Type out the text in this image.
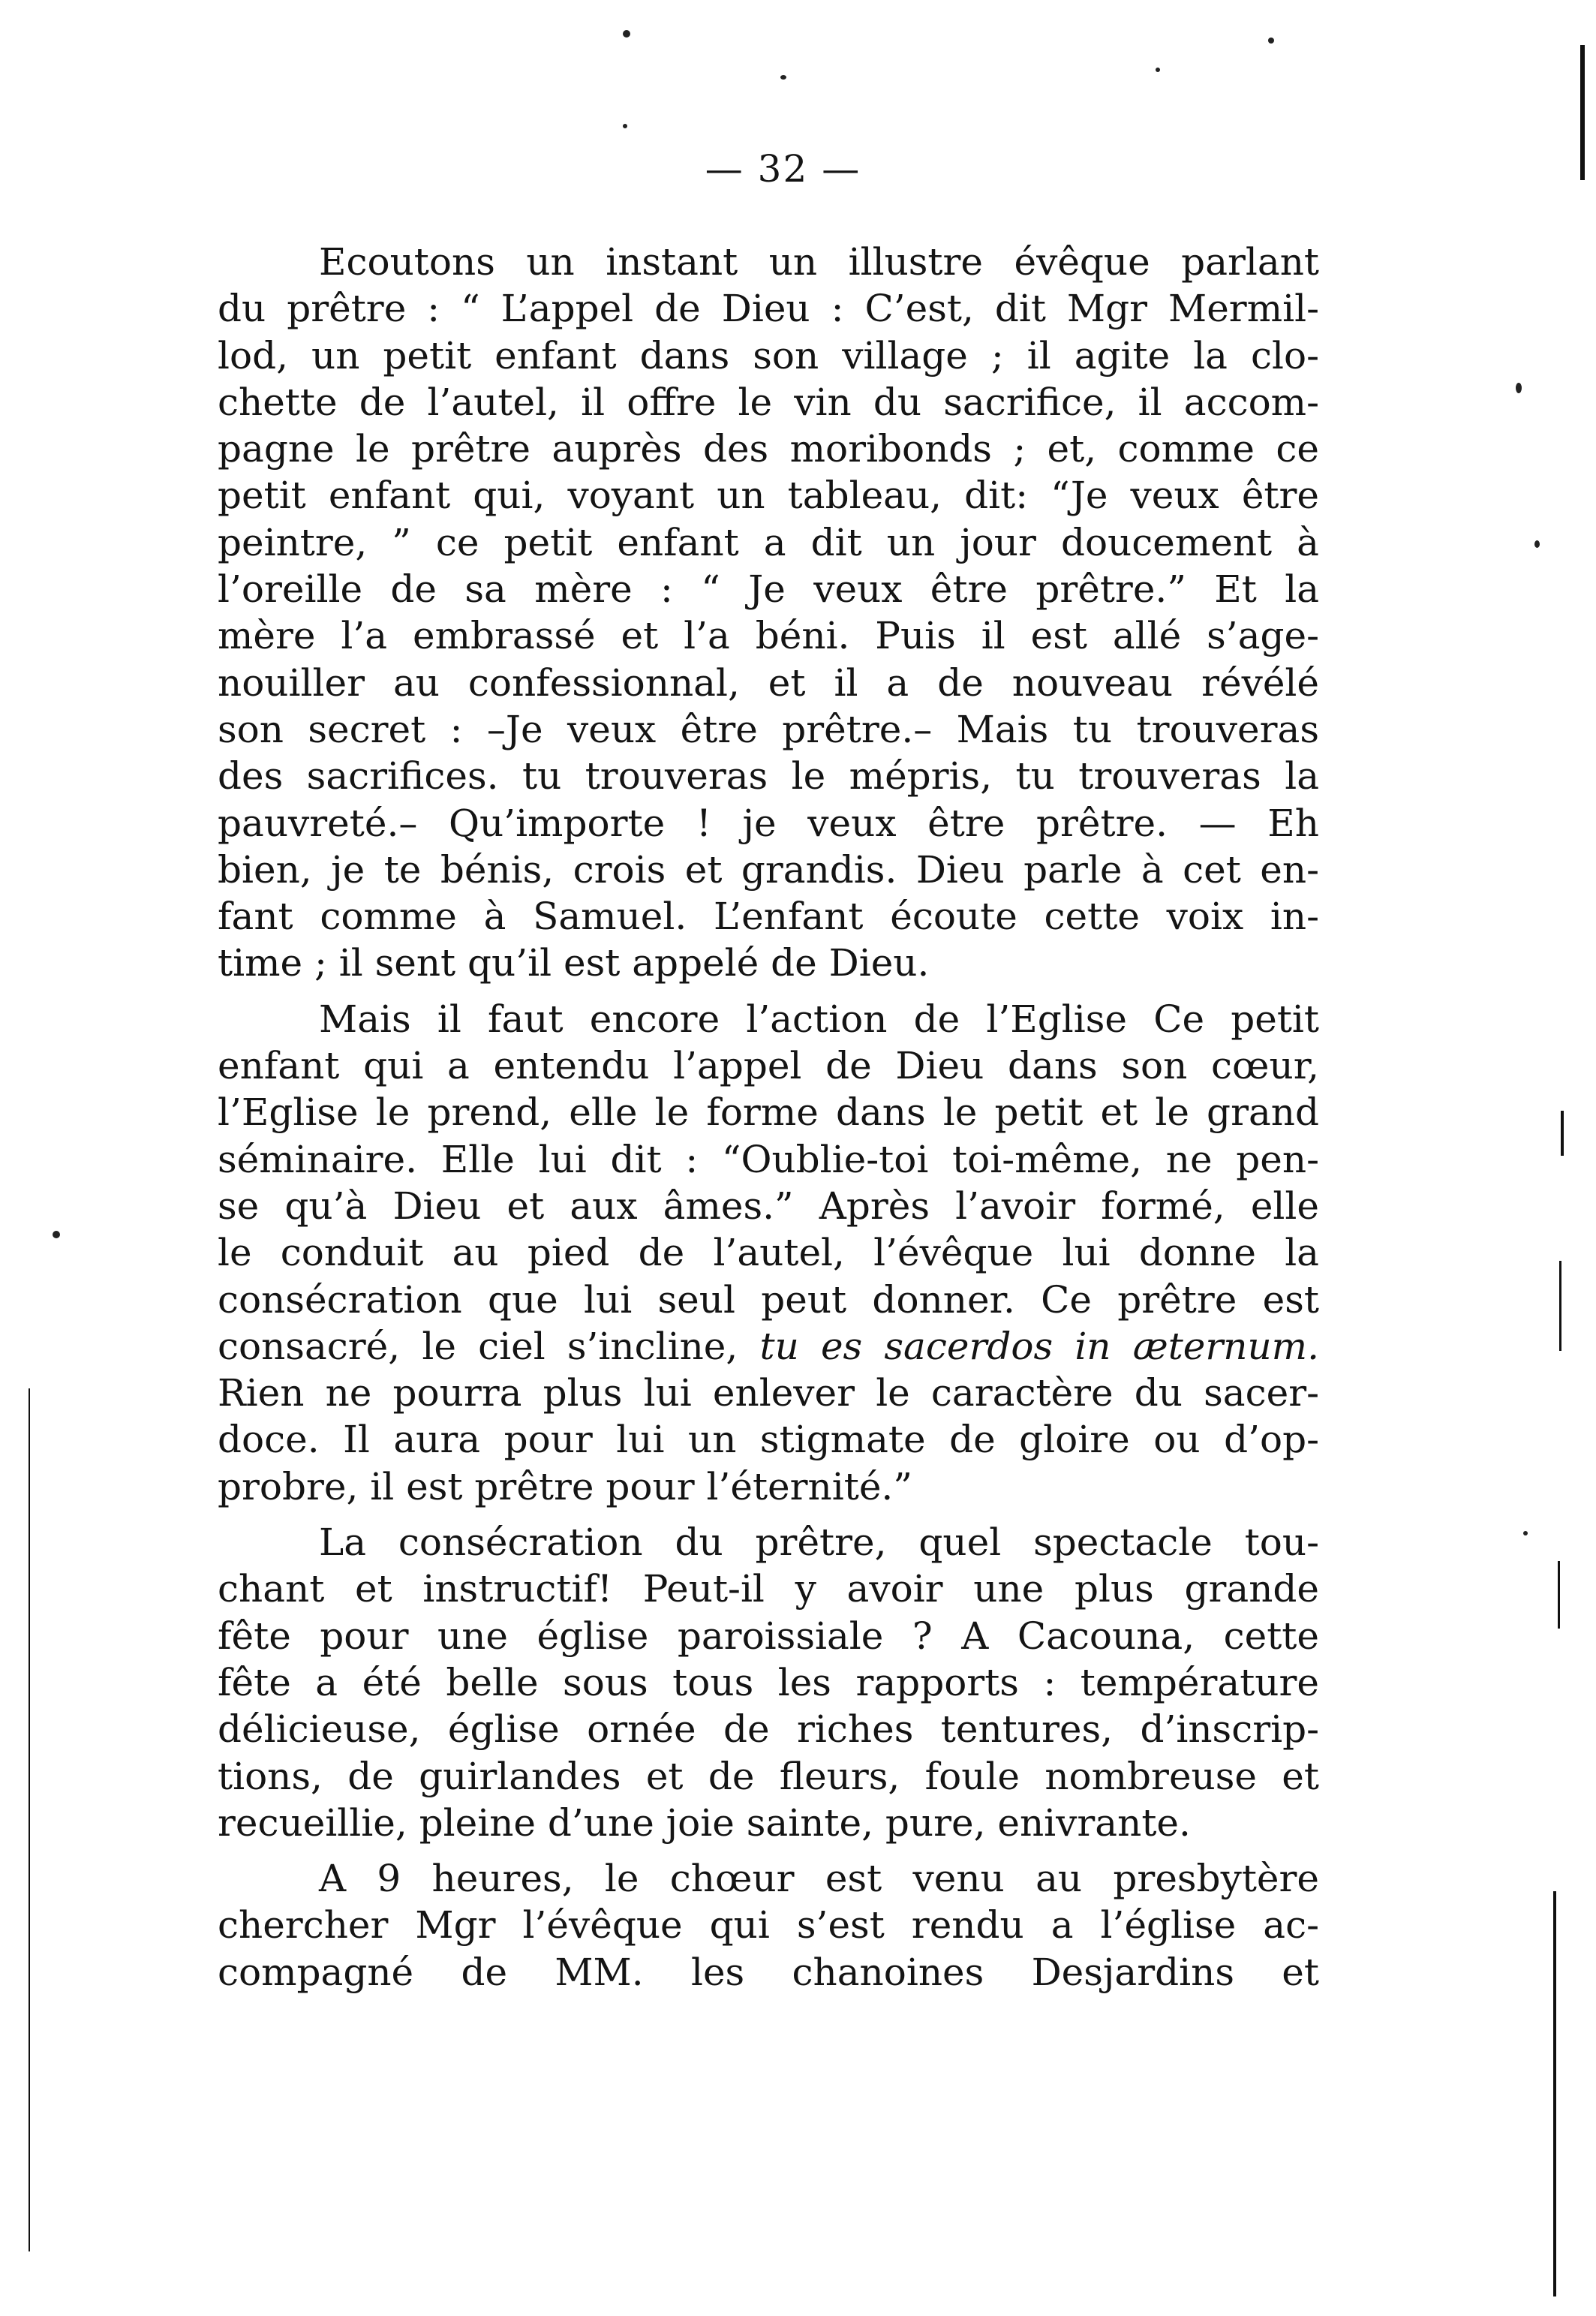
— 32 —
Ecoutons un instant un illustre évêque parlant
du prêtre : “ L’appel de Dieu : C’est, dit Mgr Mermil-
lod, un petit enfant dans son village ; il agite la clo-
chette de l’autel, il offre le vin du sacrifice, il accom-
pagne le prêtre auprès des moribonds ; et, comme ce
petit enfant qui, voyant un tableau, dit: “Je veux être
peintre, ” ce petit enfant a dit un jour doucement à
l’oreille de sa mère : “ Je veux être prêtre.” Et la
mère l’a embrassé et l’a béni. Puis il est allé s’age-
nouiller au confessionnal, et il a de nouveau révélé
son secret : –Je veux être prêtre.– Mais tu trouveras
des sacrifices. tu trouveras le mépris, tu trouveras la
pauvreté.– Qu’importe ! je veux être prêtre. — Eh
bien, je te bénis, crois et grandis. Dieu parle à cet en-
fant comme à Samuel. L’enfant écoute cette voix in-
time ; il sent qu’il est appelé de Dieu.
Mais il faut encore l’action de l’Eglise Ce petit
enfant qui a entendu l’appel de Dieu dans son cœur,
l’Eglise le prend, elle le forme dans le petit et le grand
séminaire. Elle lui dit : “Oublie-toi toi-même, ne pen-
se qu’à Dieu et aux âmes.” Après l’avoir formé, elle
le conduit au pied de l’autel, l’évêque lui donne la
consécration que lui seul peut donner. Ce prêtre est
consacré, le ciel s’incline, tu es sacerdos in æternum.
Rien ne pourra plus lui enlever le caractère du sacer-
doce. Il aura pour lui un stigmate de gloire ou d’op-
probre, il est prêtre pour l’éternité.”
La consécration du prêtre, quel spectacle tou-
chant et instructif! Peut-il y avoir une plus grande
fête pour une église paroissiale ? A Cacouna, cette
fête a été belle sous tous les rapports : température
délicieuse, église ornée de riches tentures, d’inscrip-
tions, de guirlandes et de fleurs, foule nombreuse et
recueillie, pleine d’une joie sainte, pure, enivrante.
A 9 heures, le chœur est venu au presbytère
chercher Mgr l’évêque qui s’est rendu a l’église ac-
compagné de MM. les chanoines Desjardins et
